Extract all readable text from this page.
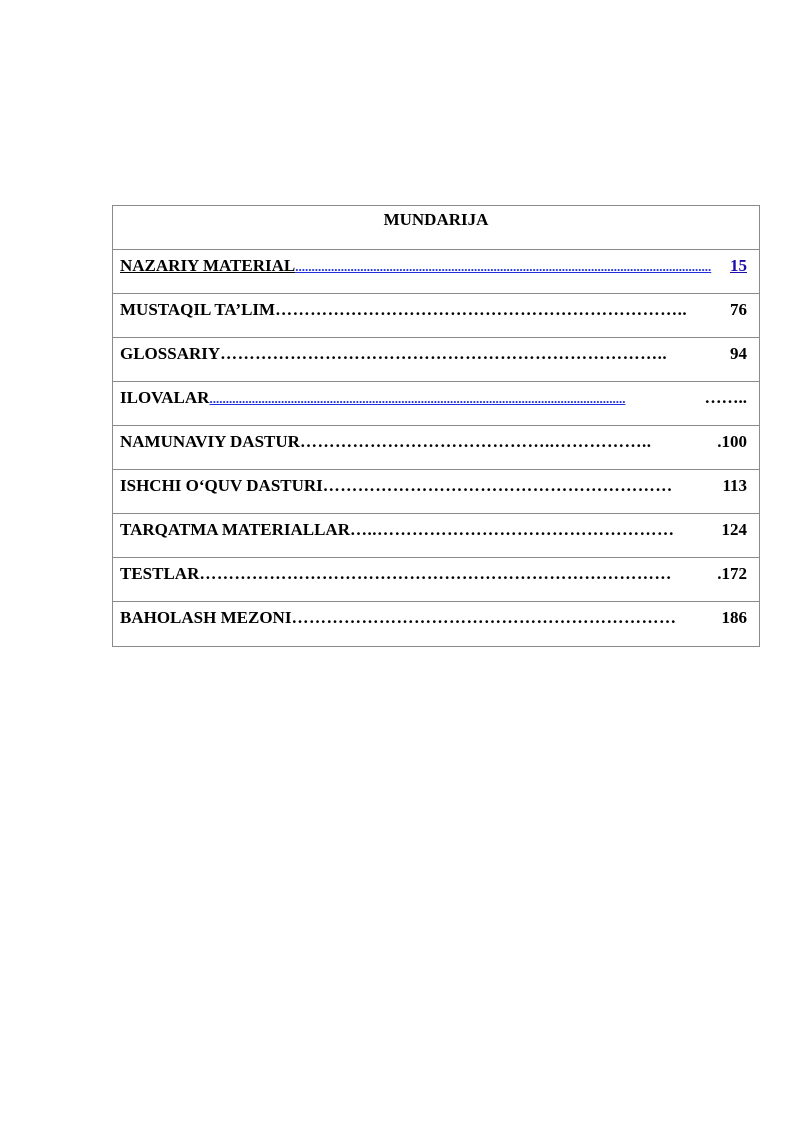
MUNDARIJA
NAZARIY MATERIAL ................................................................................................................................	15
MUSTAQIL TA’LIM ……………………………………………………………..	76
GLOSSARIY …………………………………………………………………..	94
ILOVALAR ................................................................................................................................	……..
NAMUNAVIY DASTUR ……………………………………..……………..	.100
ISHCHI O‘QUV DASTURI ……………………………………………………	113
TARQATMA MATERIALLAR …..……………………………………………	124
TESTLAR ………………………………………………………………………	.172
BAHOLASH MEZONI …………………………………………………………	186
